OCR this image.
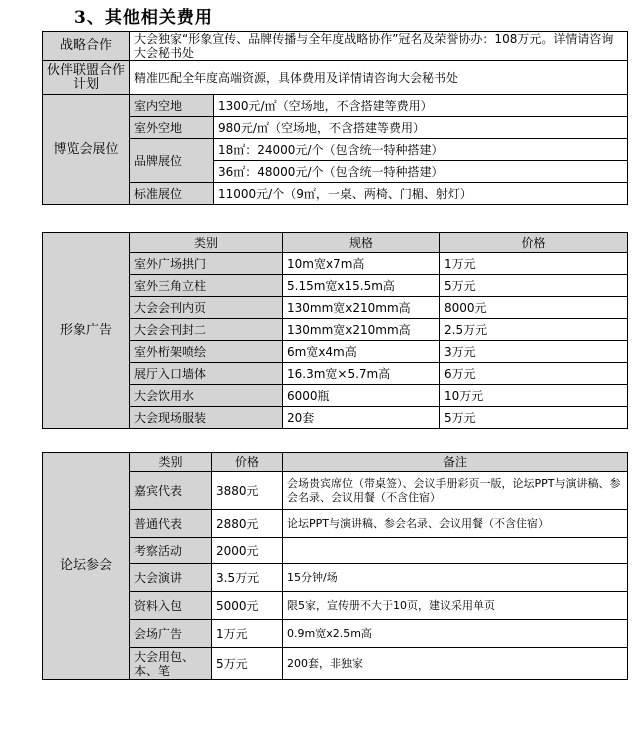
3、其他相关费用
战略合作	大会独家“形象宣传、品牌传播与全年度战略协作”冠名及荣誉协办：108万元。详情请咨询大会秘书处	
伙伴联盟合作计划	精准匹配全年度高端资源，具体费用及详情请咨询大会秘书处	
博览会展位	室内空地	1300元/㎡（空场地，不含搭建等费用）
	室外空地	980元/㎡（空场地，不含搭建等费用）
	品牌展位	18㎡：24000元/个（包含统一特种搭建）
		36㎡：48000元/个（包含统一特种搭建）
	标准展位	11000元/个（9㎡，一桌、两椅、门楣、射灯）
形象广告	类别	规格	价格
	室外广场拱门	10m宽x7m高	1万元
	室外三角立柱	5.15m宽x15.5m高	5万元
	大会会刊内页	130mm宽x210mm高	8000元
	大会会刊封二	130mm宽x210mm高	2.5万元
	室外桁架喷绘	6m宽x4m高	3万元
	展厅入口墙体	16.3m宽×5.7m高	6万元
	大会饮用水	6000瓶	10万元
	大会现场服装	20套	5万元
论坛参会	类别	价格	备注
	嘉宾代表	3880元	会场贵宾席位（带桌签）、会议手册彩页一版，论坛PPT与演讲稿、参会名录、会议用餐（不含住宿）
	普通代表	2880元	论坛PPT与演讲稿、参会名录、会议用餐（不含住宿）
	考察活动	2000元	
	大会演讲	3.5万元	15分钟/场
	资料入包	5000元	限5家，宣传册不大于10页，建议采用单页
	会场广告	1万元	0.9m宽x2.5m高
	大会用包、本、笔	5万元	200套，非独家
